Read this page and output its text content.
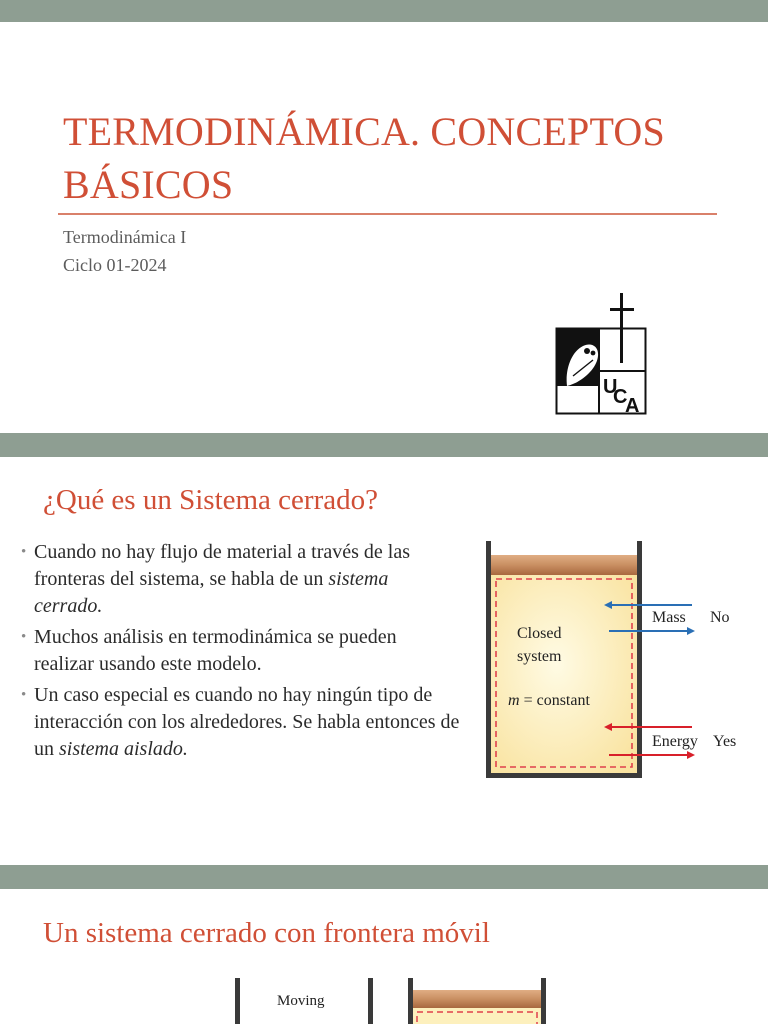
TERMODINÁMICA. CONCEPTOS
BÁSICOS
Termodinámica I
Ciclo 01-2024
U
C
A
¿Qué es un Sistema cerrado?
• Cuando no hay flujo de material a través de las fronteras del sistema, se habla de un sistema cerrado.
• Muchos análisis en termodinámica se pueden realizar usando este modelo.
• Un caso especial es cuando no hay ningún tipo de interacción con los alrededores. Se habla entonces de un sistema aislado.
Closed
system
m = constant
Mass No
Energy Yes
Un sistema cerrado con frontera móvil
Moving
